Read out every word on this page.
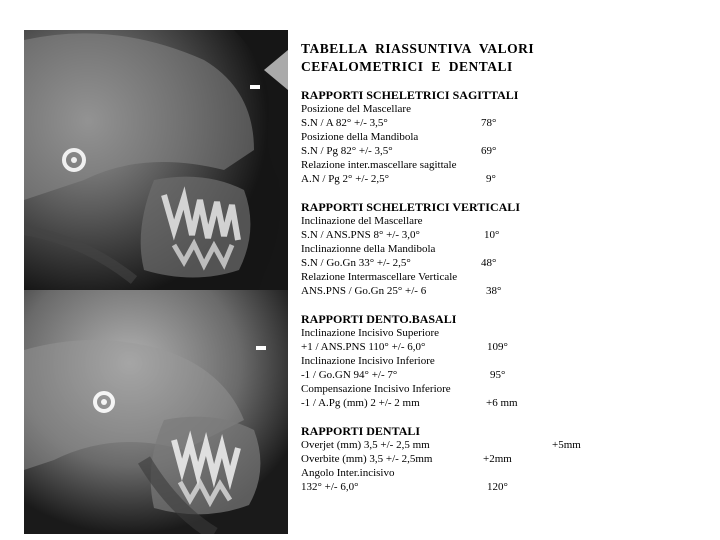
TABELLA RIASSUNTIVA VALORI
CEFALOMETRICI E DENTALI
RAPPORTI SCHELETRICI SAGITTALI
Posizione del Mascellare
S.N / A 82° +/- 3,5°	78°
Posizione della Mandibola
S.N / Pg 82° +/- 3,5°	69°
Relazione inter.mascellare sagittale
A.N / Pg 2° +/- 2,5°	9°
RAPPORTI SCHELETRICI VERTICALI
Inclinazione del Mascellare
S.N / ANS.PNS 8° +/- 3,0°	10°
Inclinazionne della Mandibola
S.N / Go.Gn 33° +/- 2,5°	48°
Relazione Intermascellare Verticale
ANS.PNS / Go.Gn 25° +/- 6	38°
RAPPORTI DENTO.BASALI
Inclinazione Incisivo Superiore
+1 / ANS.PNS 110° +/- 6,0°	109°
Inclinazione Incisivo Inferiore
-1 / Go.GN 94° +/- 7°	95°
Compensazione Incisivo Inferiore
-1 / A.Pg (mm) 2 +/- 2 mm	+6 mm
RAPPORTI DENTALI
Overjet (mm) 3,5 +/- 2,5 mm	+5mm
Overbite (mm) 3,5 +/- 2,5mm	+2mm
Angolo Inter.incisivo
132° +/- 6,0°	120°
